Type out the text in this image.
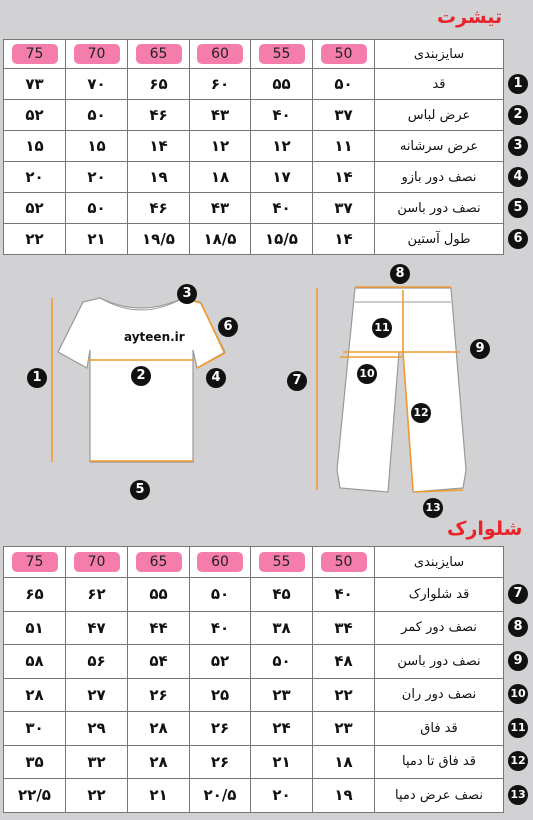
تیشرت
75	70	65	60	55	50	سایزبندی
۷۳	۷۰	۶۵	۶۰	۵۵	۵۰	قد
۵۲	۵۰	۴۶	۴۳	۴۰	۳۷	عرض لباس
۱۵	۱۵	۱۴	۱۲	۱۲	۱۱	عرض سرشانه
۲۰	۲۰	۱۹	۱۸	۱۷	۱۴	نصف دور بازو
۵۲	۵۰	۴۶	۴۳	۴۰	۳۷	نصف دور باسن
۲۲	۲۱	۱۹/۵	۱۸/۵	۱۵/۵	۱۴	طول آستین
شلوارک
75	70	65	60	55	50	سایزبندی
۶۵	۶۲	۵۵	۵۰	۴۵	۴۰	قد شلوارک
۵۱	۴۷	۴۴	۴۰	۳۸	۳۴	نصف دور کمر
۵۸	۵۶	۵۴	۵۲	۵۰	۴۸	نصف دور باسن
۲۸	۲۷	۲۶	۲۵	۲۳	۲۲	نصف دور ران
۳۰	۲۹	۲۸	۲۶	۲۴	۲۳	قد فاق
۳۵	۳۲	۲۸	۲۶	۲۱	۱۸	قد فاق تا دمپا
۲۲/۵	۲۲	۲۱	۲۰/۵	۲۰	۱۹	نصف عرض دمپا
ayteen.ir
1	2
3
4
5
6
7
8
9
10
11
12
13
1
2
3
4
5
6
7
8
9
10
11
12
13
